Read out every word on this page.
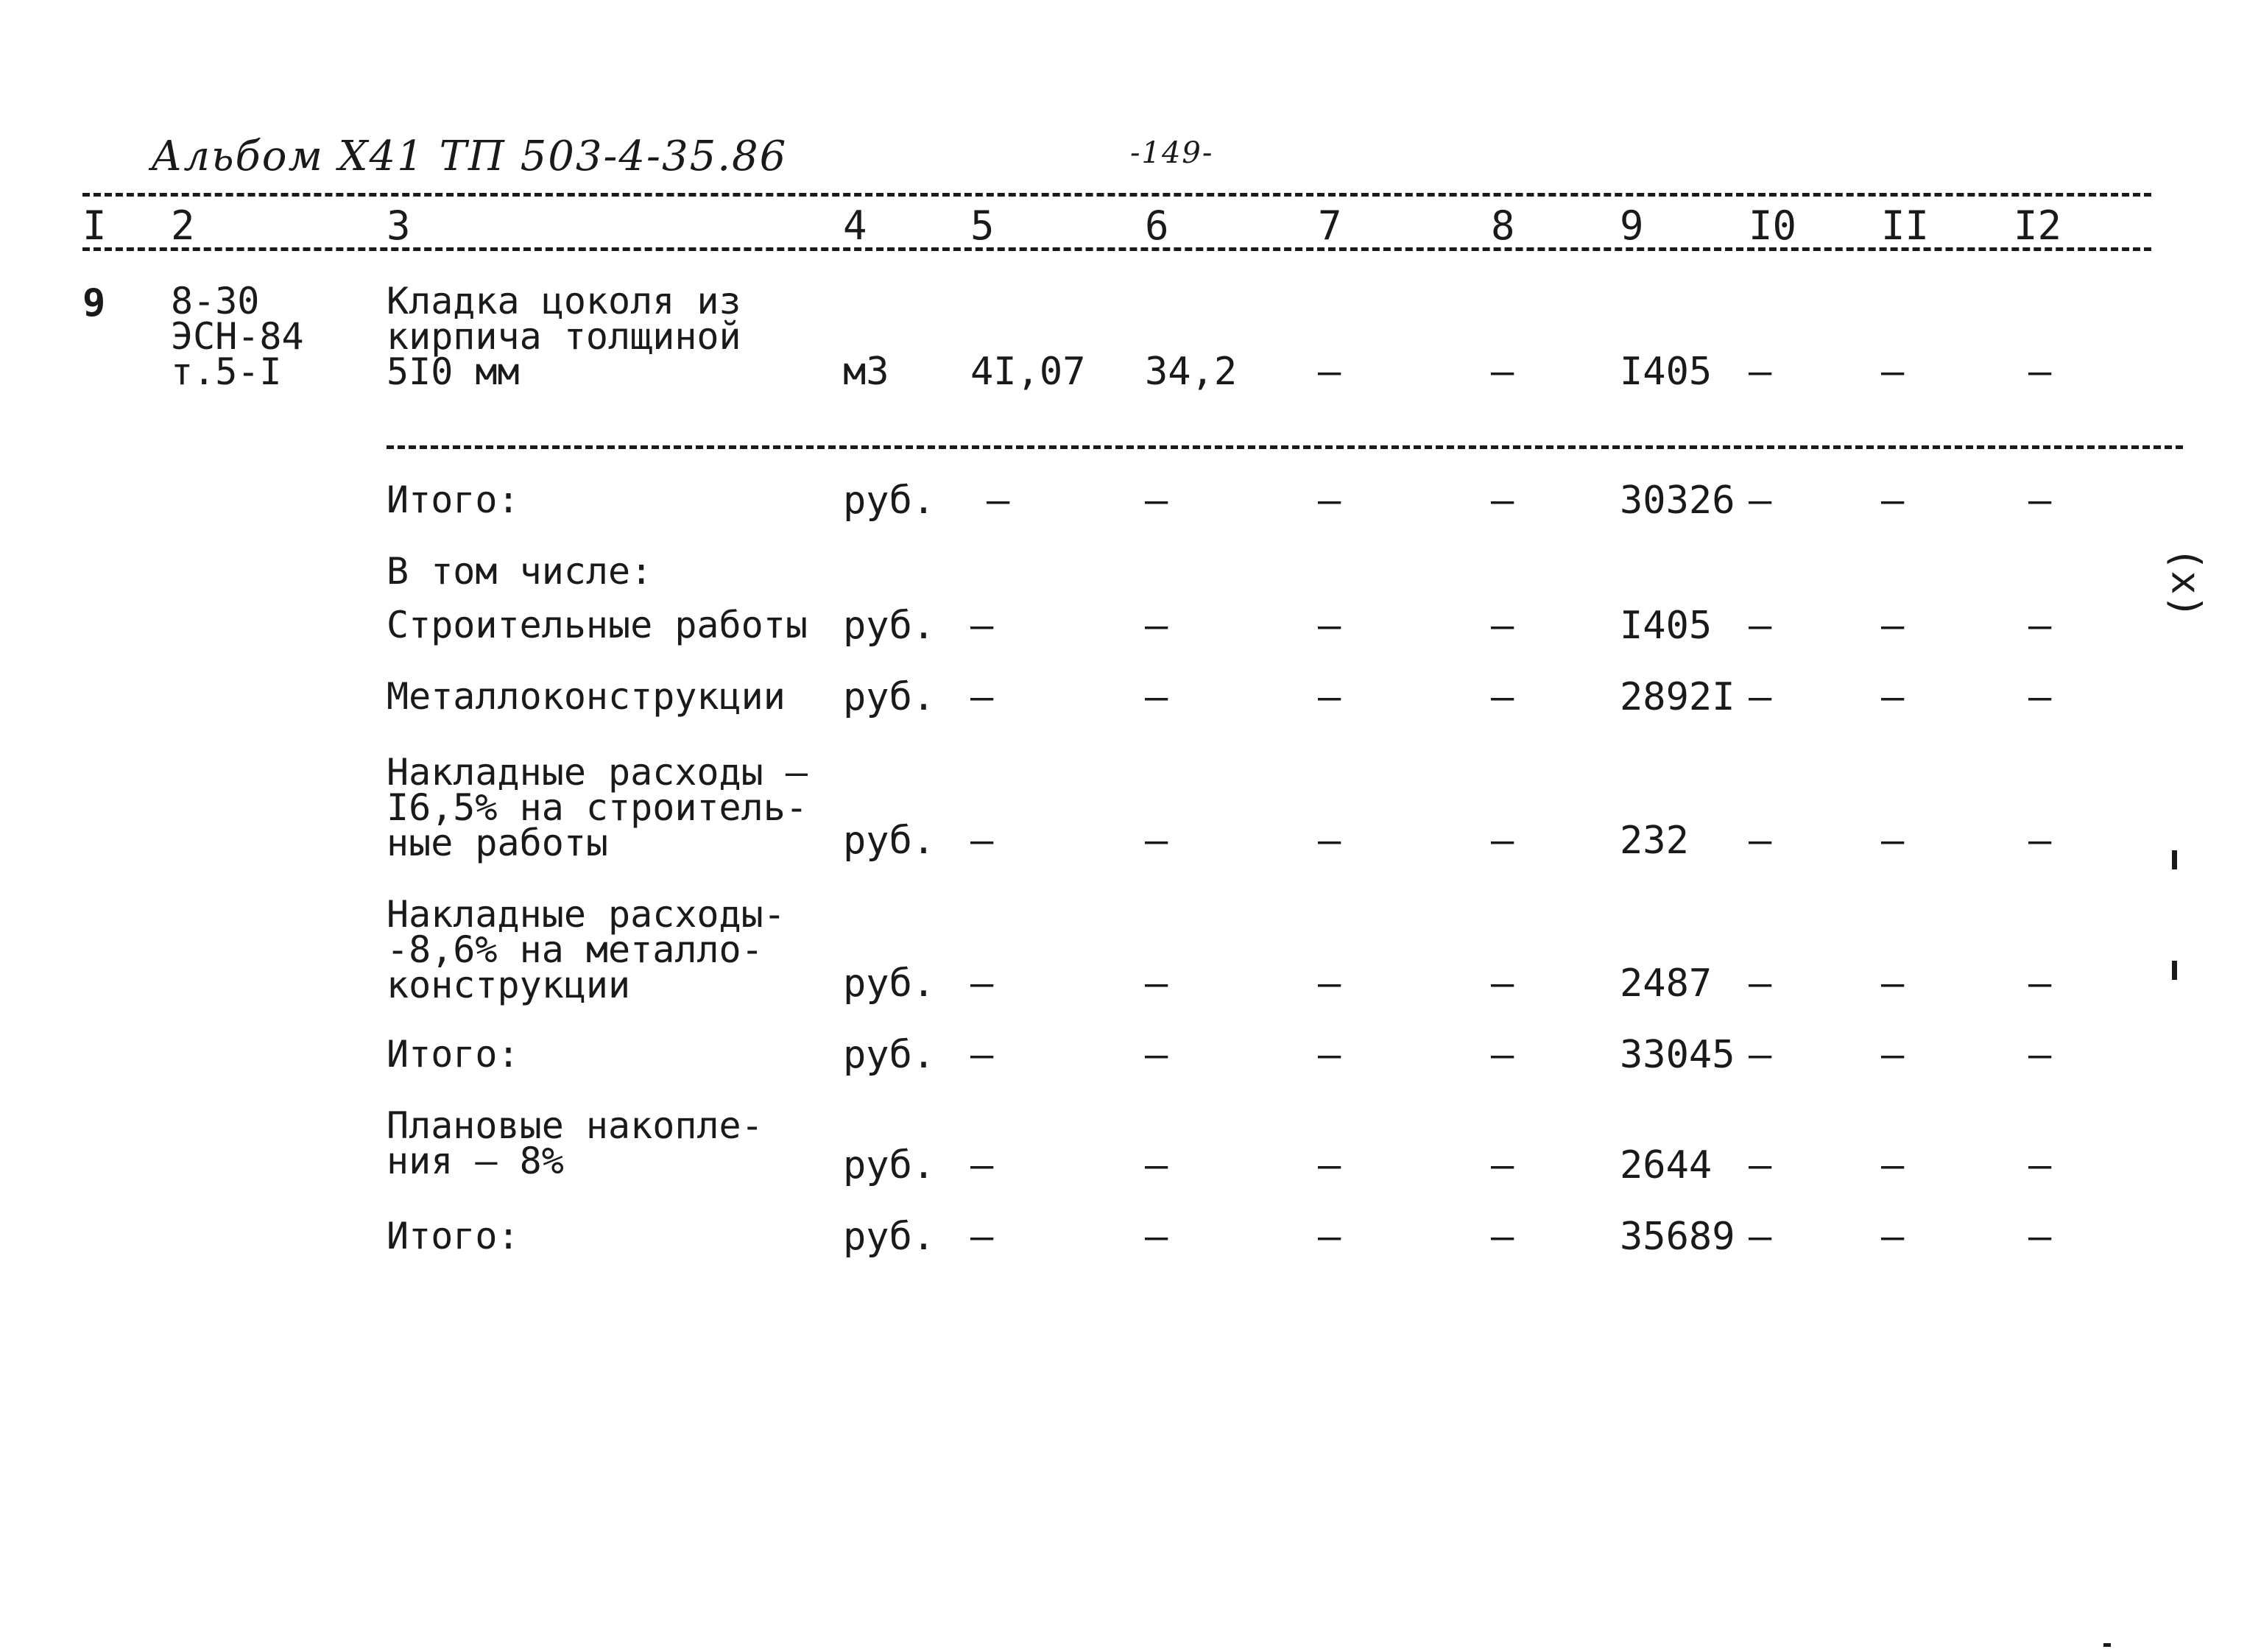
Альбом Х41 ТП 503-4-35.86	-149-
I 2	3	4	5	6	7	8	9	I0 II I2
9 8-30
ЭСН-84
т.5-I
Кладка цоколя из
кирпича толщиной
5I0 мм	м3 4I,07 34,2 –	–	I405 –	–	–
Итого:	руб. –	–	–	–	30326 –	–	–
В том числе:
Строительные работы руб. –	–	–	–	I405 –	–	–
Металлоконструкции руб. –	–	–	–	2892I –	–	–
Накладные расходы –
I6,5% на строитель-
ные работы	руб. –	–	–	–	232 –	–	–
Накладные расходы-
-8,6% на металло-
конструкции	руб. –	–	–	–	2487 –	–	–
Итого:	руб. –	–	–	–	33045 –	–	–
Плановые накопле-
ния – 8%	руб. –	–	–	–	2644 –	–	–
Итого:	руб. –	–	–	–	35689 –	–	–
(х)
